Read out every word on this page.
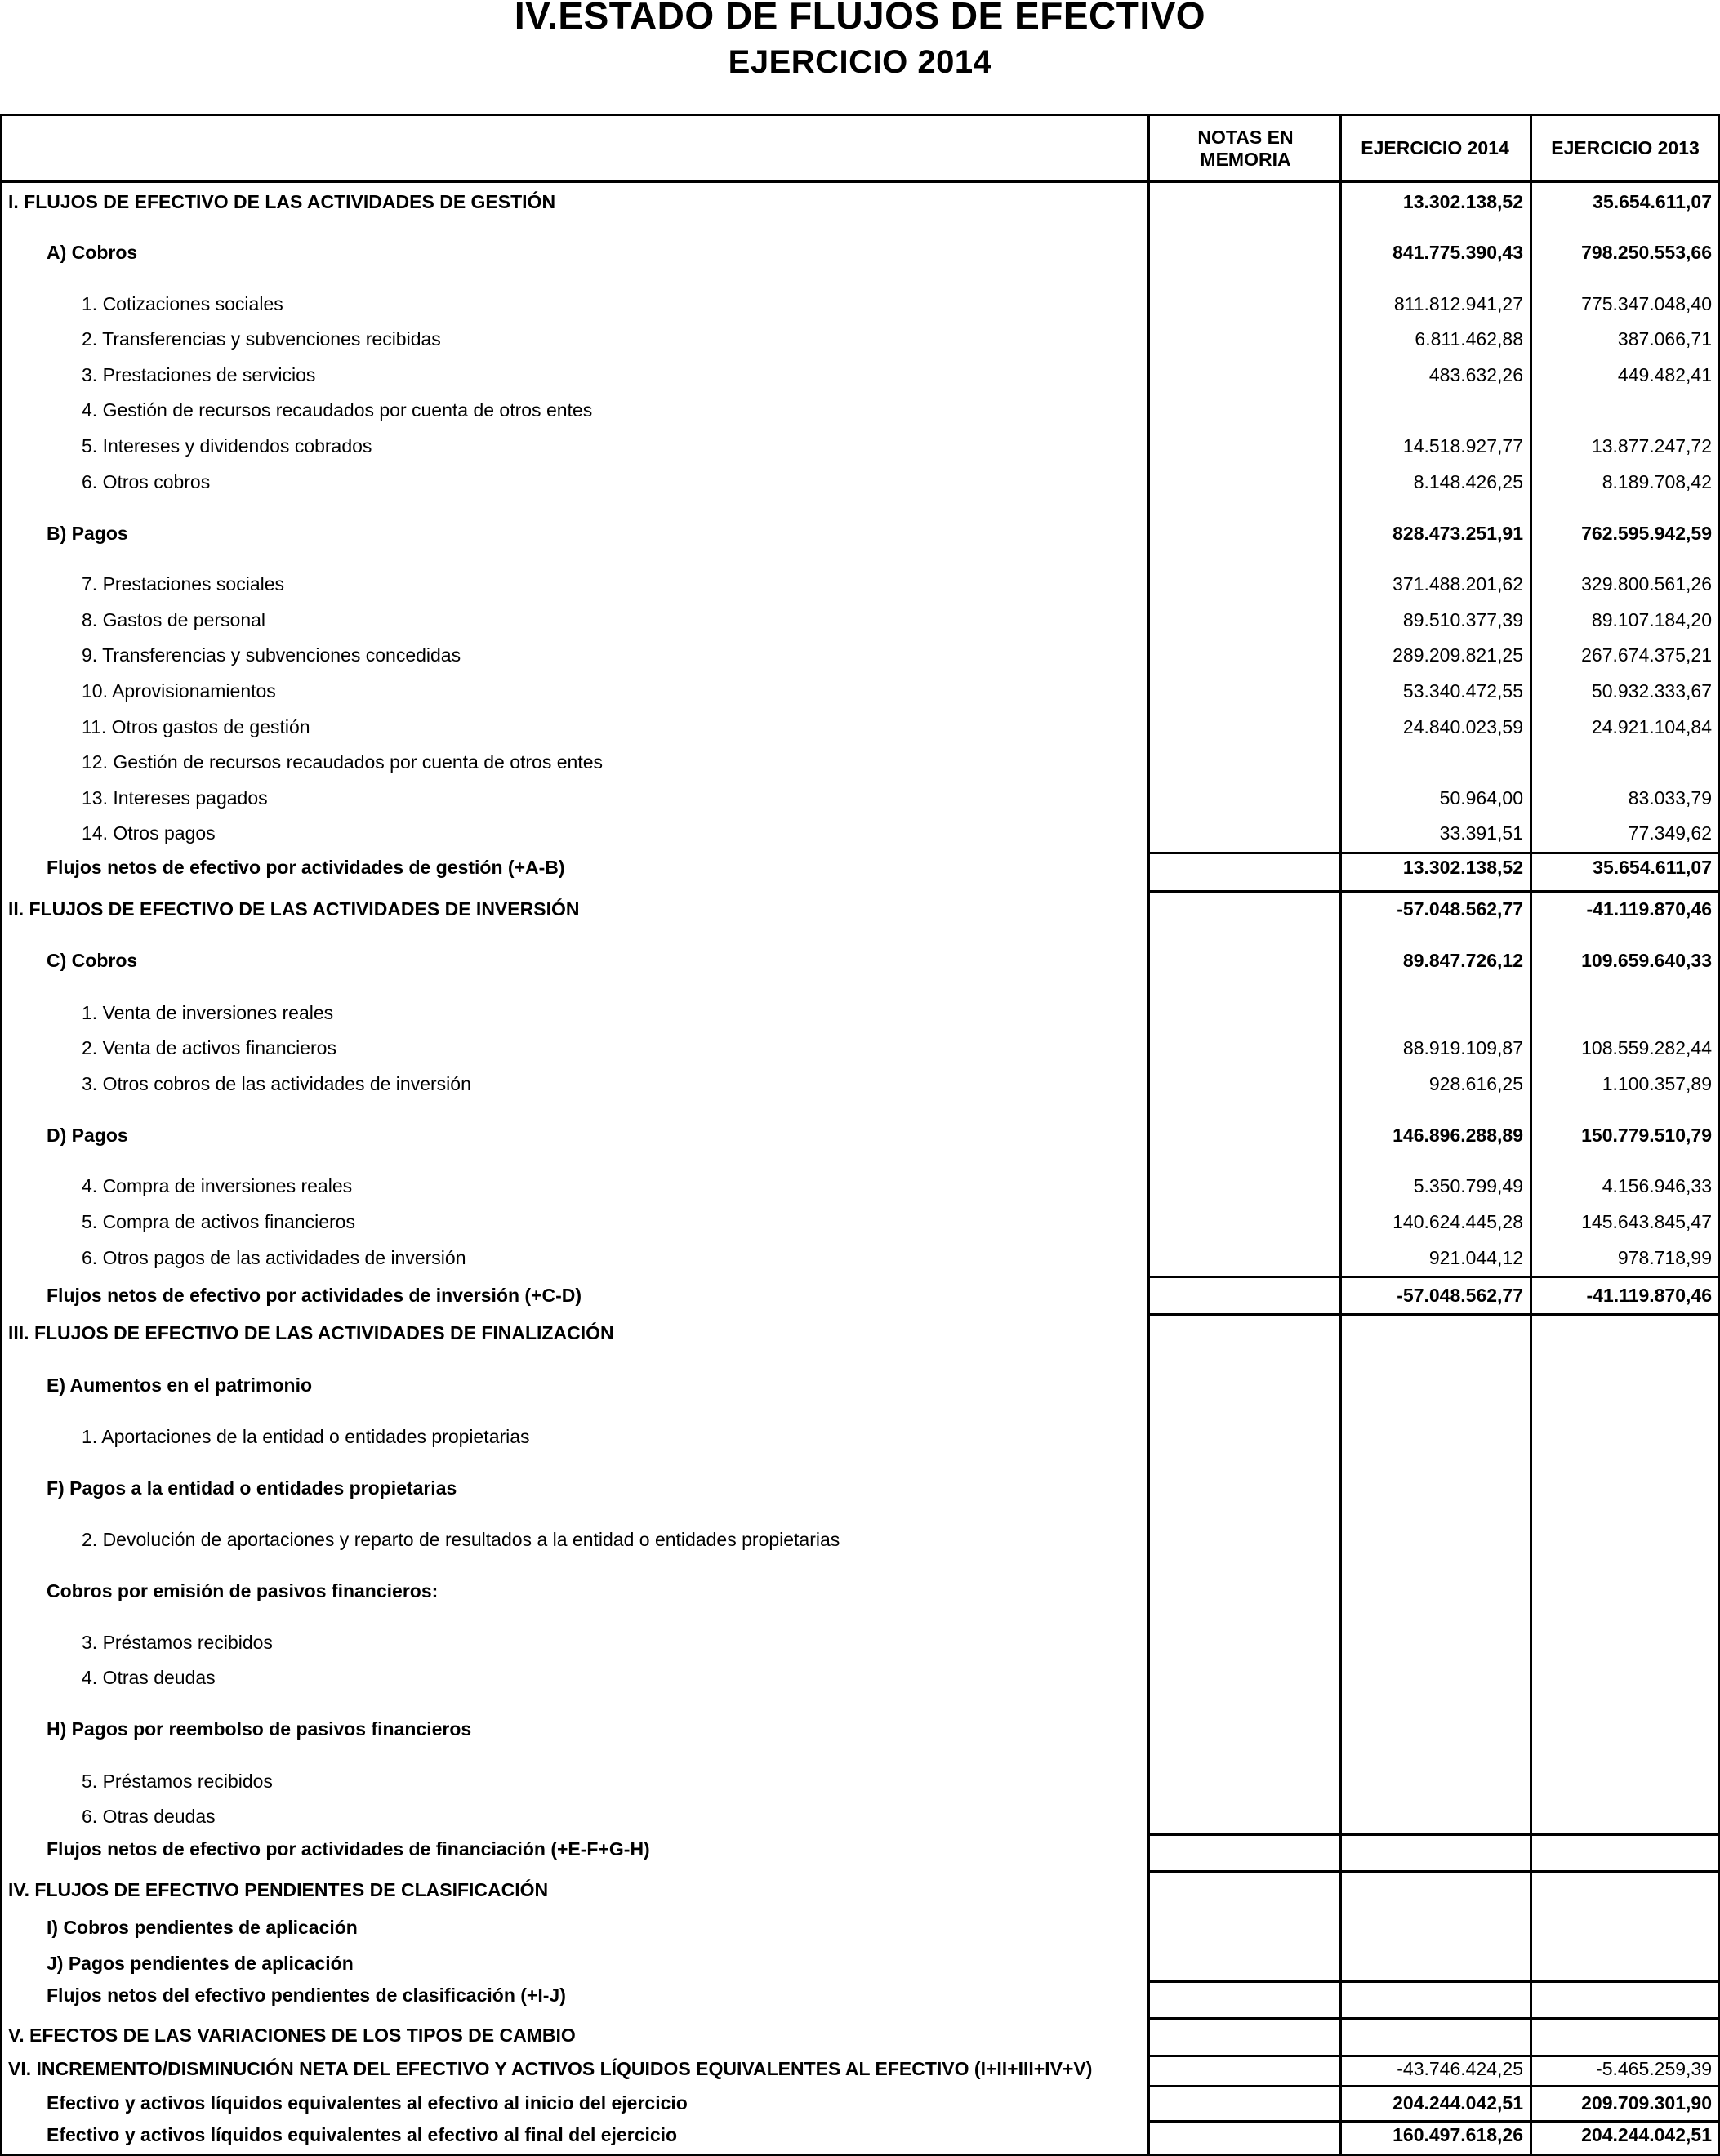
IV.ESTADO DE FLUJOS DE EFECTIVO
EJERCICIO 2014
NOTAS EN MEMORIA
EJERCICIO 2014	EJERCICIO 2013
I. FLUJOS DE EFECTIVO DE LAS ACTIVIDADES DE GESTIÓN	13.302.138,52	35.654.611,07
A) Cobros	841.775.390,43	798.250.553,66
1. Cotizaciones sociales	811.812.941,27	775.347.048,40
2. Transferencias y subvenciones recibidas	6.811.462,88	387.066,71
3. Prestaciones de servicios	483.632,26	449.482,41
4. Gestión de recursos recaudados por cuenta de otros entes
5. Intereses y dividendos cobrados	14.518.927,77	13.877.247,72
6. Otros cobros	8.148.426,25	8.189.708,42
B) Pagos	828.473.251,91	762.595.942,59
7. Prestaciones sociales	371.488.201,62	329.800.561,26
8. Gastos de personal	89.510.377,39	89.107.184,20
9. Transferencias y subvenciones concedidas	289.209.821,25	267.674.375,21
10. Aprovisionamientos	53.340.472,55	50.932.333,67
11. Otros gastos de gestión	24.840.023,59	24.921.104,84
12. Gestión de recursos recaudados por cuenta de otros entes
13. Intereses pagados	50.964,00	83.033,79
14. Otros pagos	33.391,51	77.349,62
Flujos netos de efectivo por actividades de gestión (+A-B)	13.302.138,52	35.654.611,07
II. FLUJOS DE EFECTIVO DE LAS ACTIVIDADES DE INVERSIÓN	-57.048.562,77	-41.119.870,46
C) Cobros	89.847.726,12	109.659.640,33
1. Venta de inversiones reales
2. Venta de activos financieros	88.919.109,87	108.559.282,44
3. Otros cobros de las actividades de inversión	928.616,25	1.100.357,89
D) Pagos	146.896.288,89	150.779.510,79
4. Compra de inversiones reales	5.350.799,49	4.156.946,33
5. Compra de activos financieros	140.624.445,28	145.643.845,47
6. Otros pagos de las actividades de inversión	921.044,12	978.718,99
Flujos netos de efectivo por actividades de inversión (+C-D)	-57.048.562,77	-41.119.870,46
III. FLUJOS DE EFECTIVO DE LAS ACTIVIDADES DE FINALIZACIÓN
E) Aumentos en el patrimonio
1. Aportaciones de la entidad o entidades propietarias
F) Pagos a la entidad o entidades propietarias
2. Devolución de aportaciones y reparto de resultados a la entidad o entidades propietarias
Cobros por emisión de pasivos financieros:
3. Préstamos recibidos
4. Otras deudas
H) Pagos por reembolso de pasivos financieros
5. Préstamos recibidos
6. Otras deudas
Flujos netos de efectivo por actividades de financiación (+E-F+G-H)
IV. FLUJOS DE EFECTIVO PENDIENTES DE CLASIFICACIÓN
I) Cobros pendientes de aplicación
J) Pagos pendientes de aplicación
Flujos netos del efectivo pendientes de clasificación (+I-J)
V. EFECTOS DE LAS VARIACIONES DE LOS TIPOS DE CAMBIO
VI. INCREMENTO/DISMINUCIÓN NETA DEL EFECTIVO Y ACTIVOS LÍQUIDOS EQUIVALENTES AL EFECTIVO (I+II+III+IV+V)	-43.746.424,25	-5.465.259,39
Efectivo y activos líquidos equivalentes al efectivo al inicio del ejercicio	204.244.042,51	209.709.301,90
Efectivo y activos líquidos equivalentes al efectivo al final del ejercicio	160.497.618,26	204.244.042,51
